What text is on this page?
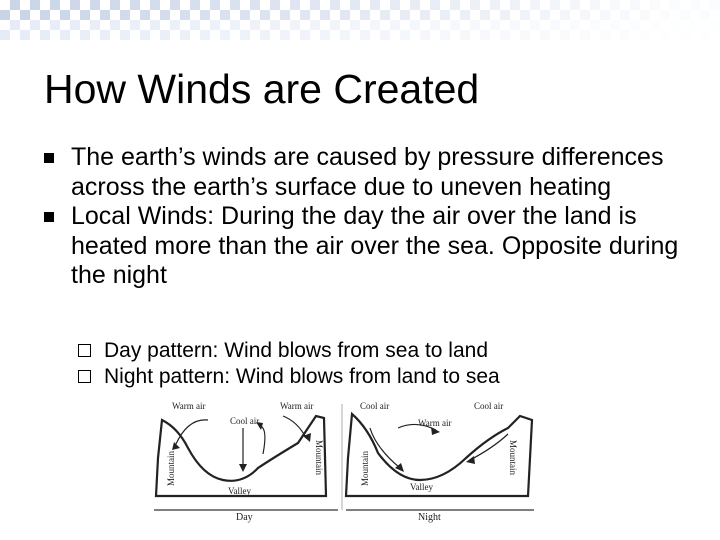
How Winds are Created
The earth’s winds are caused by pressure differences across the earth’s surface due to uneven heating
Local Winds: During the day the air over the land is heated more than the air over the sea. Opposite during the night
Day pattern: Wind blows from sea to land
Night pattern: Wind blows from land to sea
Warm air
Cool air
Warm air
Valley
Mountain	Mountain
Day
Cool air
Warm air
Cool air
Valley
Mountain	Mountain
Night
